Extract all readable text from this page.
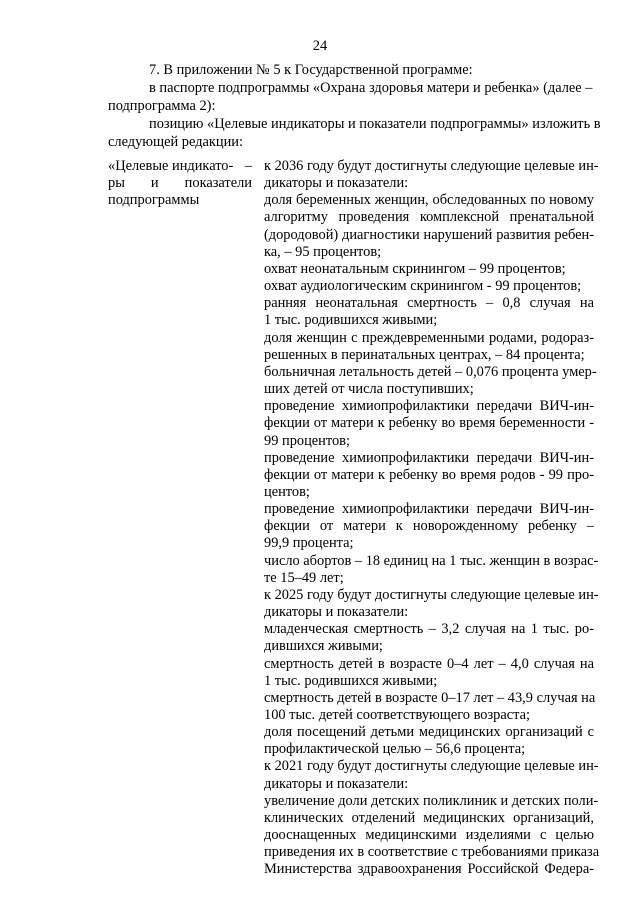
24

7. В приложении № 5 к Государственной программе:

в паспорте подпрограммы «Охрана здоровья матери и ребенка» (далее –

подпрограмма 2):

позицию «Целевые индикаторы и показатели подпрограммы» изложить в

следующей редакции:

«Целевые индикато- –
ры и показатели
подпрограммы
к 2036 году будут достигнуты следующие целевые ин-
дикаторы и показатели:
доля беременных женщин, обследованных по новому
алгоритму проведения комплексной пренатальной
(дородовой) диагностики нарушений развития ребен-
ка, – 95 процентов;
охват неонатальным скринингом – 99 процентов;
охват аудиологическим скринингом - 99 процентов;
ранняя неонатальная смертность – 0,8 случая на
1 тыс. родившихся живыми;
доля женщин с преждевременными родами, родораз-
решенных в перинатальных центрах, – 84 процента;
больничная летальность детей – 0,076 процента умер-
ших детей от числа поступивших;
проведение химиопрофилактики передачи ВИЧ-ин-
фекции от матери к ребенку во время беременности -
99 процентов;
проведение химиопрофилактики передачи ВИЧ-ин-
фекции от матери к ребенку во время родов - 99 про-
центов;
проведение химиопрофилактики передачи ВИЧ-ин-
фекции от матери к новорожденному ребенку –
99,9 процента;
число абортов – 18 единиц на 1 тыс. женщин в возрас-
те 15–49 лет;
к 2025 году будут достигнуты следующие целевые ин-
дикаторы и показатели:
младенческая смертность – 3,2 случая на 1 тыс. ро-
дившихся живыми;
смертность детей в возрасте 0–4 лет – 4,0 случая на
1 тыс. родившихся живыми;
смертность детей в возрасте 0–17 лет – 43,9 случая на
100 тыс. детей соответствующего возраста;
доля посещений детьми медицинских организаций с
профилактической целью – 56,6 процента;
к 2021 году будут достигнуты следующие целевые ин-
дикаторы и показатели:
увеличение доли детских поликлиник и детских поли-
клинических отделений медицинских организаций,
дооснащенных медицинскими изделиями с целью
приведения их в соответствие с требованиями приказа
Министерства здравоохранения Российской Федера-
